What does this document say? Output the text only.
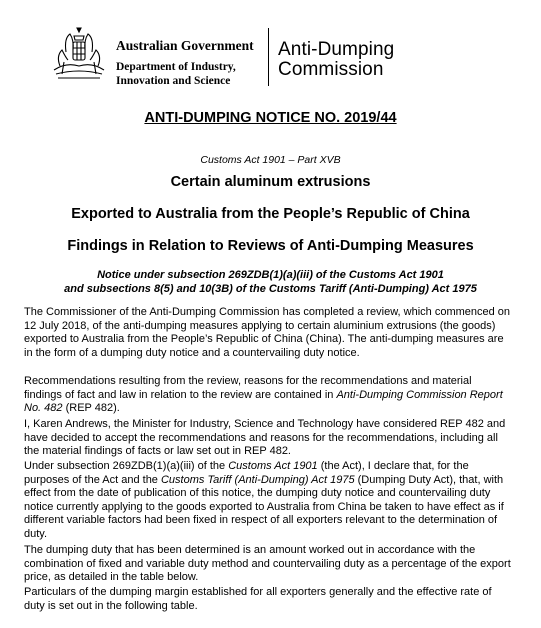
Australian Government
Department of Industry,
Innovation and Science
Anti-Dumping
Commission
ANTI-DUMPING NOTICE NO. 2019/44
Customs Act 1901 – Part XVB
Certain aluminum extrusions
Exported to Australia from the People’s Republic of China
Findings in Relation to Reviews of Anti-Dumping Measures
Notice under subsection 269ZDB(1)(a)(iii) of the Customs Act 1901
and subsections 8(5) and 10(3B) of the Customs Tariff (Anti-Dumping) Act 1975

The Commissioner of the Anti-Dumping Commission has completed a review, which commenced on 12 July 2018, of the anti-dumping measures applying to certain aluminium extrusions (the goods) exported to Australia from the People’s Republic of China (China). The anti-dumping measures are in the form of a dumping duty notice and a countervailing duty notice.

Recommendations resulting from the review, reasons for the recommendations and material findings of fact and law in relation to the review are contained in Anti-Dumping Commission Report No. 482 (REP 482).

I, Karen Andrews, the Minister for Industry, Science and Technology have considered REP 482 and have decided to accept the recommendations and reasons for the recommendations, including all the material findings of facts or law set out in REP 482.

Under subsection 269ZDB(1)(a)(iii) of the Customs Act 1901 (the Act), I declare that, for the purposes of the Act and the Customs Tariff (Anti-Dumping) Act 1975 (Dumping Duty Act), that, with effect from the date of publication of this notice, the dumping duty notice and countervailing duty notice currently applying to the goods exported to Australia from China be taken to have effect as if different variable factors had been fixed in respect of all exporters relevant to the determination of duty.

The dumping duty that has been determined is an amount worked out in accordance with the combination of fixed and variable duty method and countervailing duty as a percentage of the export price, as detailed in the table below.

Particulars of the dumping margin established for all exporters generally and the effective rate of duty is set out in the following table.
